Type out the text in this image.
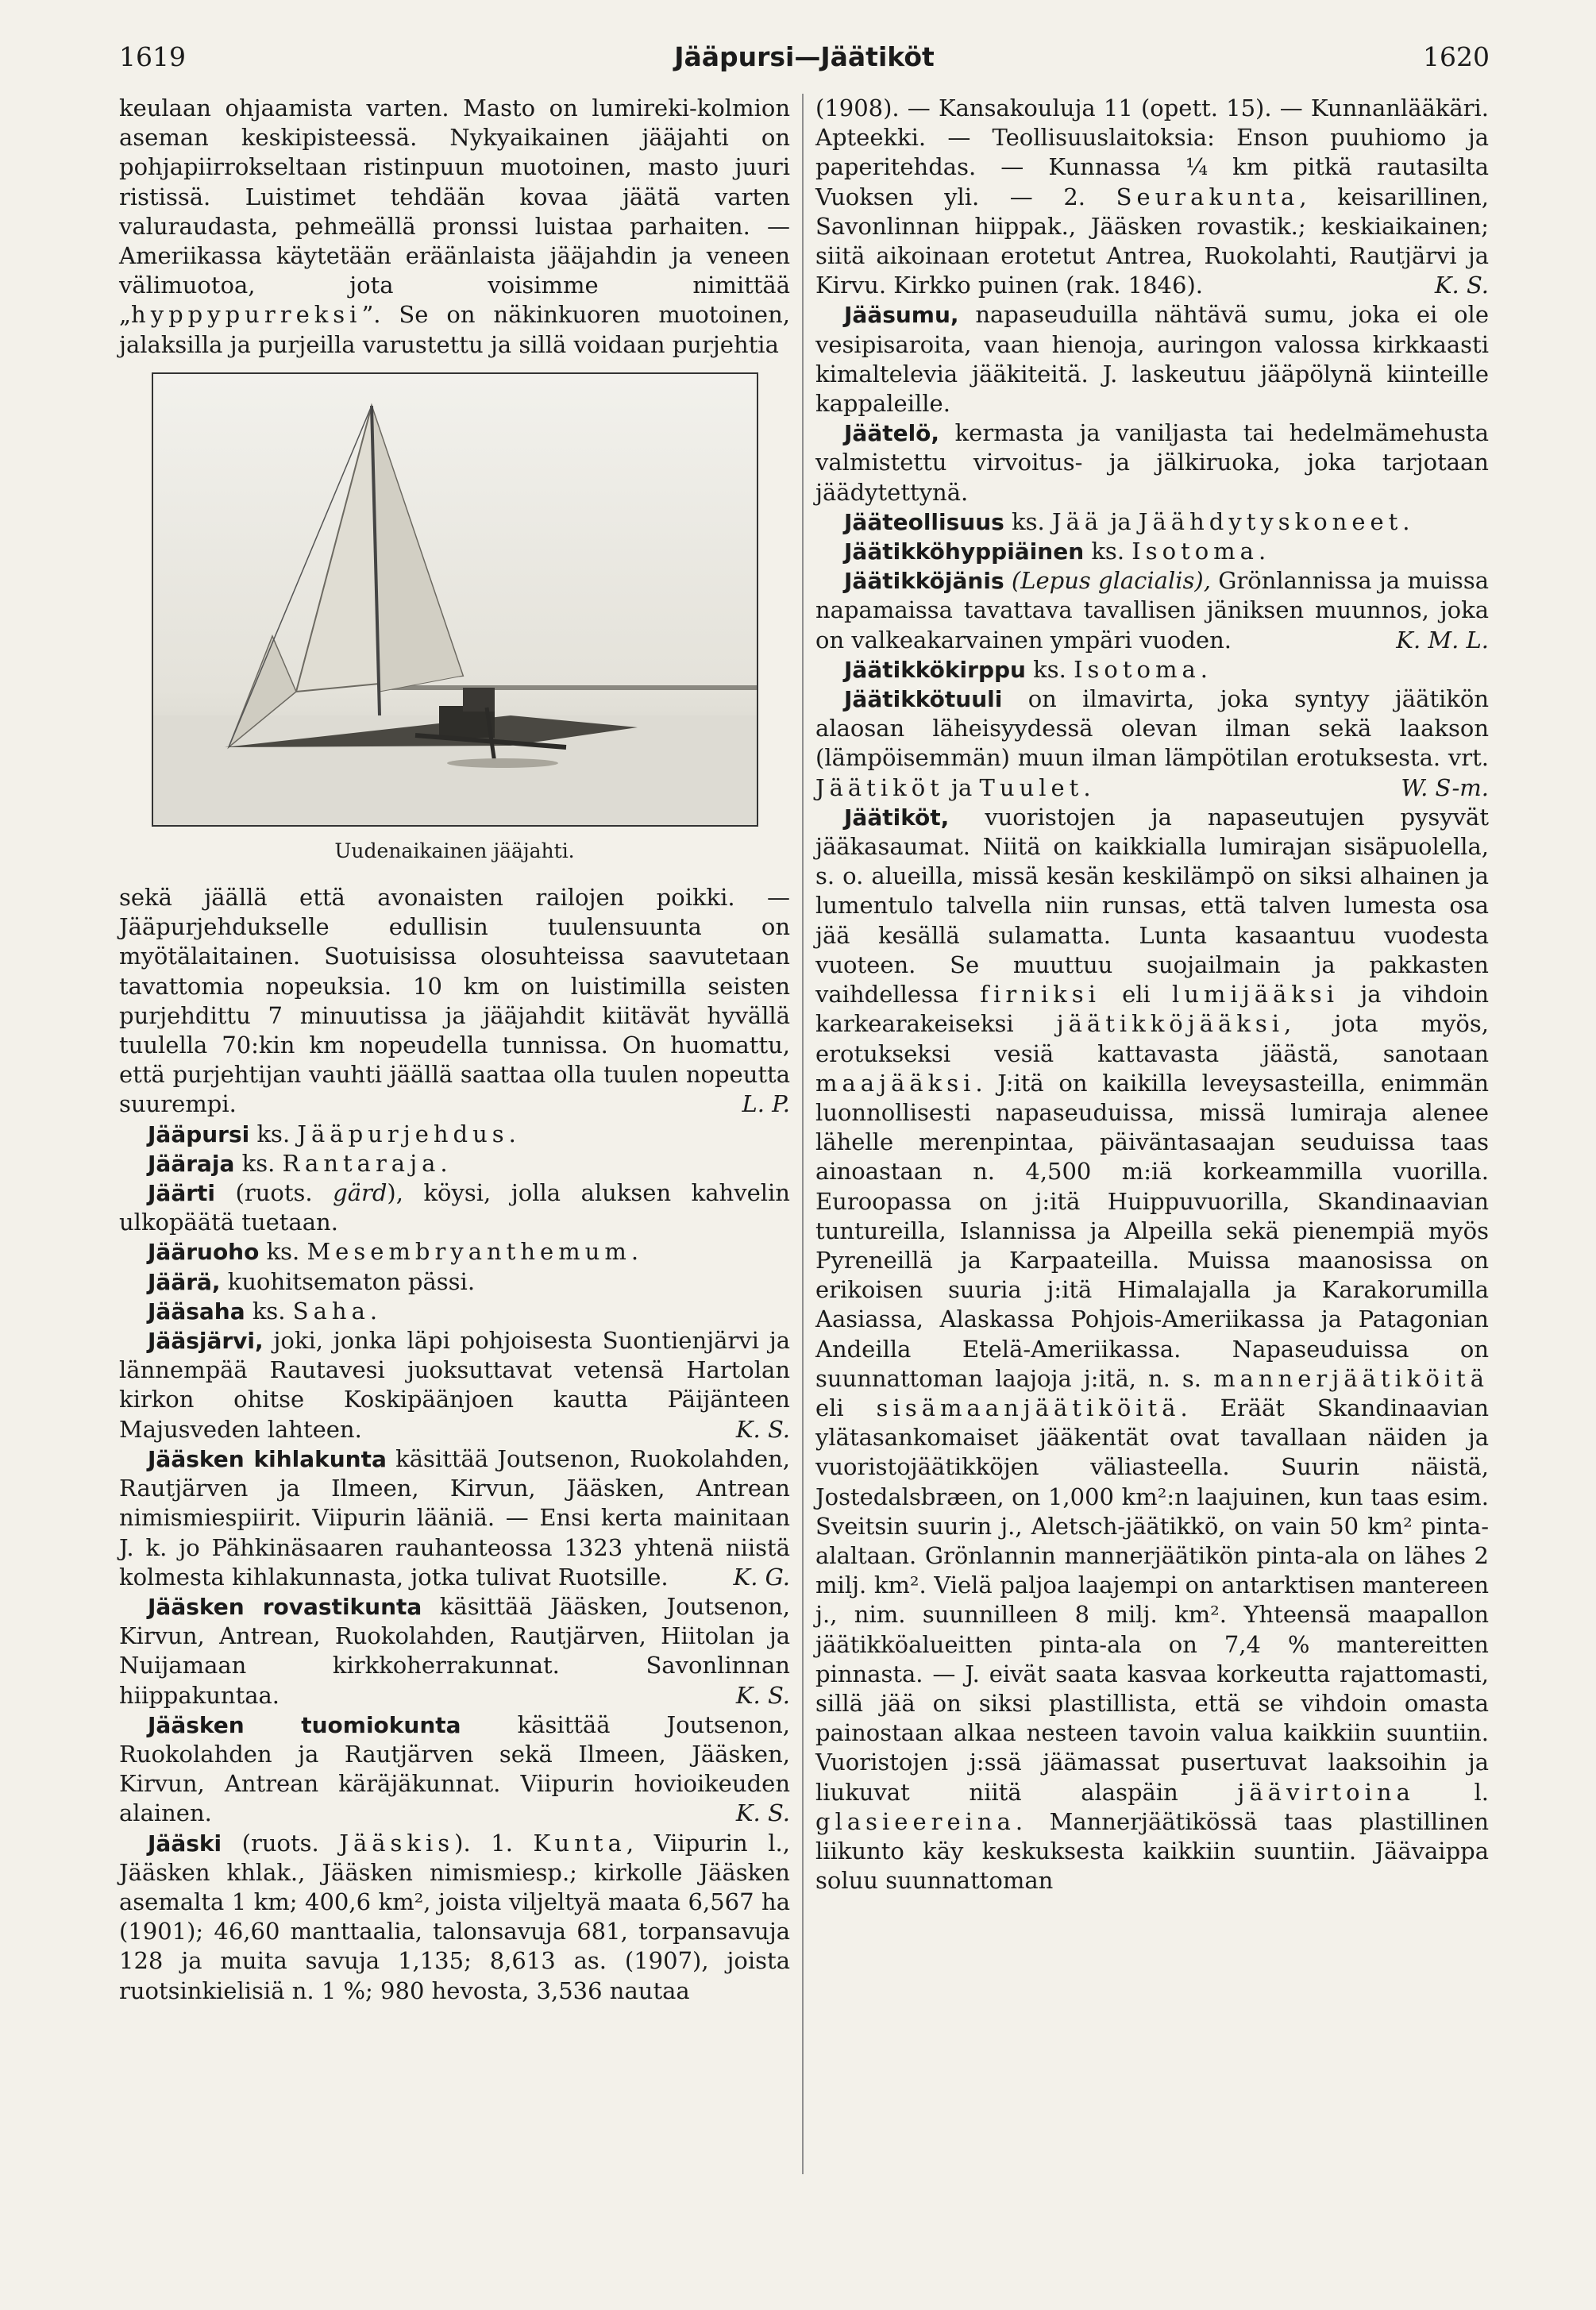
1619	Jääpursi—Jäätiköt	1620

keulaan ohjaamista varten. Masto on lumireki-kolmion aseman keskipisteessä. Nykyaikainen jääjahti on pohjapiirrokseltaan ristinpuun muotoinen, masto juuri ristissä. Luistimet tehdään kovaa jäätä varten valuraudasta, pehmeällä pronssi luistaa parhaiten. — Ameriikassa käytetään eräänlaista jääjahdin ja veneen välimuotoa, jota voisimme nimittää „hyppypurreksi”. Se on näkinkuoren muotoinen, jalaksilla ja purjeilla varustettu ja sillä voidaan purjehtia

Uudenaikainen jääjahti.

sekä jäällä että avonaisten railojen poikki. —Jääpurjehdukselle edullisin tuulensuunta on myötälaitainen. Suotuisissa olosuhteissa saavutetaan tavattomia nopeuksia. 10 km on luistimilla seisten purjehdittu 7 minuutissa ja jääjahdit kiitävät hyvällä tuulella 70:kin km nopeudella tunnissa. On huomattu, että purjehtijan vauhti jäällä saattaa olla tuulen nopeutta suurempi.	L. P.

Jääpursi ks. Jääpurjehdus.

Jääraja ks. Rantaraja.

Jäärti (ruots. gärd), köysi, jolla aluksen kahvelin ulkopäätä tuetaan.

Jääruoho ks. Mesembryanthemum.

Jäärä, kuohitsematon pässi.

Jääsaha ks. Saha.

Jääsjärvi, joki, jonka läpi pohjoisesta Suontienjärvi ja lännempää Rautavesi juoksuttavat vetensä Hartolan kirkon ohitse Koskipäänjoen kautta Päijänteen Majusveden lahteen.	K. S.

Jääsken kihlakunta käsittää Joutsenon, Ruokolahden, Rautjärven ja Ilmeen, Kirvun, Jääsken, Antrean nimismiespiirit. Viipurin lääniä. — Ensi kerta mainitaan J. k. jo Pähkinäsaaren rauhanteossa 1323 yhtenä niistä kolmesta kihlakunnasta, jotka tulivat Ruotsille.	K. G.

Jääsken rovastikunta käsittää Jääsken, Joutsenon, Kirvun, Antrean, Ruokolahden, Rautjärven, Hiitolan ja Nuijamaan kirkkoherrakunnat. Savonlinnan hiippakuntaa.	K. S.

Jääsken tuomiokunta käsittää Joutsenon, Ruokolahden ja Rautjärven sekä Ilmeen, Jääsken, Kirvun, Antrean käräjäkunnat. Viipurin hovioikeuden alainen.	K. S.

Jääski (ruots. Jääskis). 1. Kunta, Viipurin l., Jääsken khlak., Jääsken nimismiesp.; kirkolle Jääsken asemalta 1 km; 400,6 km², joista viljeltyä maata 6,567 ha (1901); 46,60 manttaalia, talonsavuja 681, torpansavuja 128 ja muita savuja 1,135; 8,613 as. (1907), joista ruotsinkielisiä n. 1 %; 980 hevosta, 3,536 nautaa

(1908). — Kansakouluja 11 (opett. 15). — Kunnanlääkäri. Apteekki. — Teollisuuslaitoksia: Enson puuhiomo ja paperitehdas. — Kunnassa ¼ km pitkä rautasilta Vuoksen yli. — 2. Seurakunta, keisarillinen, Savonlinnan hiippak., Jääsken rovastik.; keskiaikainen; siitä aikoinaan erotetut Antrea, Ruokolahti, Rautjärvi ja Kirvu. Kirkko puinen (rak. 1846).	K. S.

Jääsumu, napaseuduilla nähtävä sumu, joka ei ole vesipisaroita, vaan hienoja, auringon valossa kirkkaasti kimaltelevia jääkiteitä. J. laskeutuu jääpölynä kiinteille kappaleille.

Jäätelö, kermasta ja vaniljasta tai hedelmämehusta valmistettu virvoitus- ja jälkiruoka, joka tarjotaan jäädytettynä.

Jääteollisuus ks. Jää ja Jäähdytyskoneet.

Jäätikköhyppiäinen ks. Isotoma.

Jäätikköjänis (Lepus glacialis), Grönlannissa ja muissa napamaissa tavattava tavallisen jäniksen muunnos, joka on valkeakarvainen ympäri vuoden.	K. M. L.

Jäätikkökirppu ks. Isotoma.

Jäätikkötuuli on ilmavirta, joka syntyy jäätikön alaosan läheisyydessä olevan ilman sekä laakson (lämpöisemmän) muun ilman lämpötilan erotuksesta. vrt. Jäätiköt ja Tuulet.	W. S-m.

Jäätiköt, vuoristojen ja napaseutujen pysyvät jääkasaumat. Niitä on kaikkialla lumirajan sisäpuolella, s. o. alueilla, missä kesän keskilämpö on siksi alhainen ja lumentulo talvella niin runsas, että talven lumesta osa jää kesällä sulamatta. Lunta kasaantuu vuodesta vuoteen. Se muuttuu suojailmain ja pakkasten vaihdellessa firniksi eli lumijääksi ja vihdoin karkearakeiseksi jäätikköjääksi, jota myös, erotukseksi vesiä kattavasta jäästä, sanotaan maajääksi. J:itä on kaikilla leveysasteilla, enimmän luonnollisesti napaseuduissa, missä lumiraja alenee lähelle merenpintaa, päiväntasaajan seuduissa taas ainoastaan n. 4,500 m:iä korkeammilla vuorilla. Euroopassa on j:itä Huippuvuorilla, Skandinaavian tuntureilla, Islannissa ja Alpeilla sekä pienempiä myös Pyreneillä ja Karpaateilla. Muissa maanosissa on erikoisen suuria j:itä Himalajalla ja Karakorumilla Aasiassa, Alaskassa Pohjois-Ameriikassa ja Patagonian Andeilla Etelä-Ameriikassa. Napaseuduissa on suunnattoman laajoja j:itä, n. s. mannerjäätiköitä eli sisämaanjäätiköitä. Eräät Skandinaavian ylätasankomaiset jääkentät ovat tavallaan näiden ja vuoristojäätikköjen väliasteella. Suurin näistä, Jostedalsbræen, on 1,000 km²:n laajuinen, kun taas esim. Sveitsin suurin j., Aletsch-jäätikkö, on vain 50 km² pinta-alaltaan. Grönlannin mannerjäätikön pinta-ala on lähes 2 milj. km². Vielä paljoa laajempi on antarktisen mantereen j., nim. suunnilleen 8 milj. km². Yhteensä maapallon jäätikköalueitten pinta-ala on 7,4 % mantereitten pinnasta. — J. eivät saata kasvaa korkeutta rajattomasti, sillä jää on siksi plastillista, että se vihdoin omasta painostaan alkaa nesteen tavoin valua kaikkiin suuntiin. Vuoristojen j:ssä jäämassat pusertuvat laaksoihin ja liukuvat niitä alaspäin jäävirtoina l. glasieereina. Mannerjäätikössä taas plastillinen liikunto käy keskuksesta kaikkiin suuntiin. Jäävaippa soluu suunnattoman
